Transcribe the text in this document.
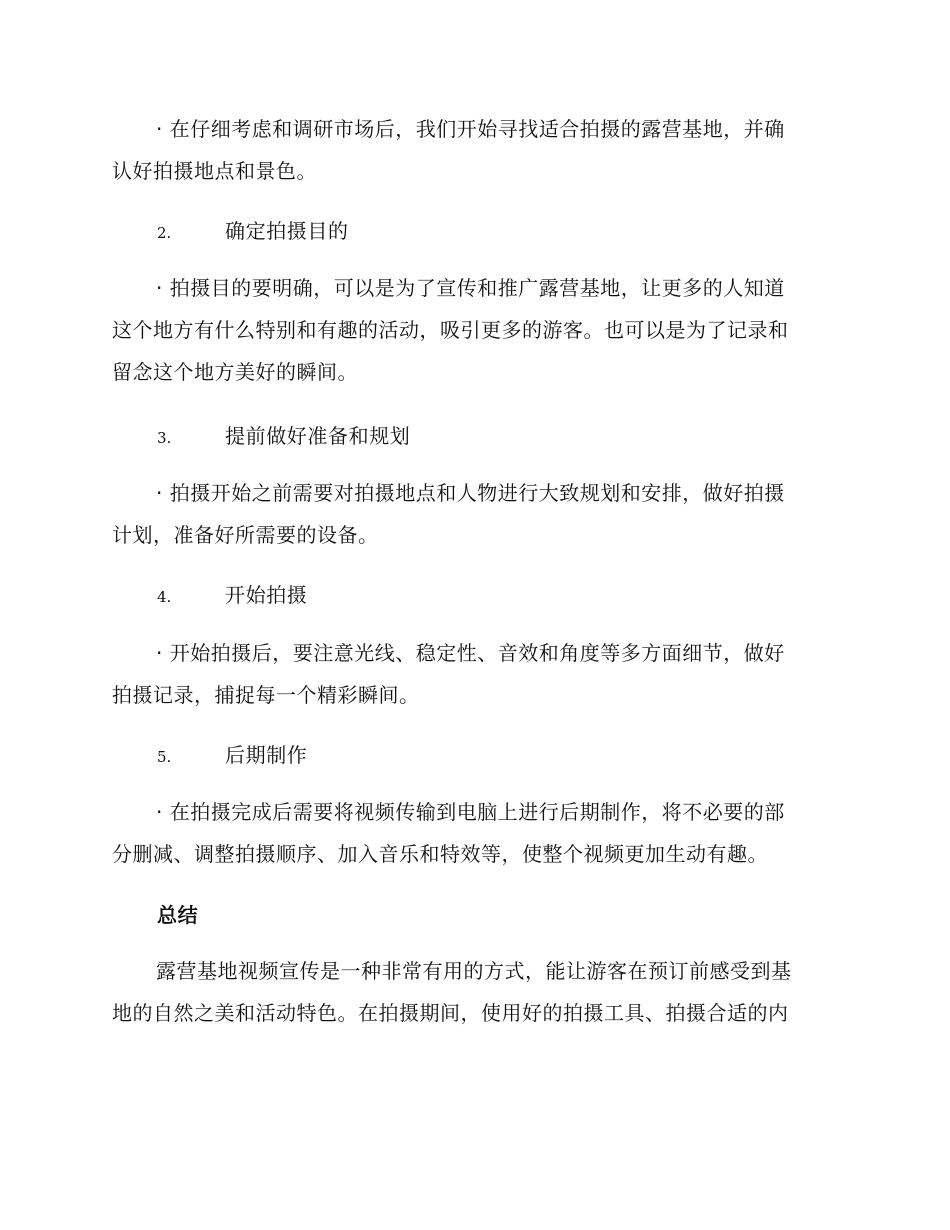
· 在仔细考虑和调研市场后，我们开始寻找适合拍摄的露营基地，并确
认好拍摄地点和景色。
2.	确定拍摄目的
· 拍摄目的要明确，可以是为了宣传和推广露营基地，让更多的人知道
这个地方有什么特别和有趣的活动，吸引更多的游客。也可以是为了记录和
留念这个地方美好的瞬间。
3.	提前做好准备和规划
· 拍摄开始之前需要对拍摄地点和人物进行大致规划和安排，做好拍摄
计划，准备好所需要的设备。
4.	开始拍摄
· 开始拍摄后，要注意光线、稳定性、音效和角度等多方面细节，做好
拍摄记录，捕捉每一个精彩瞬间。
5.	后期制作
· 在拍摄完成后需要将视频传输到电脑上进行后期制作，将不必要的部
分删减、调整拍摄顺序、加入音乐和特效等，使整个视频更加生动有趣。
总结
露营基地视频宣传是一种非常有用的方式，能让游客在预订前感受到基
地的自然之美和活动特色。在拍摄期间，使用好的拍摄工具、拍摄合适的内
